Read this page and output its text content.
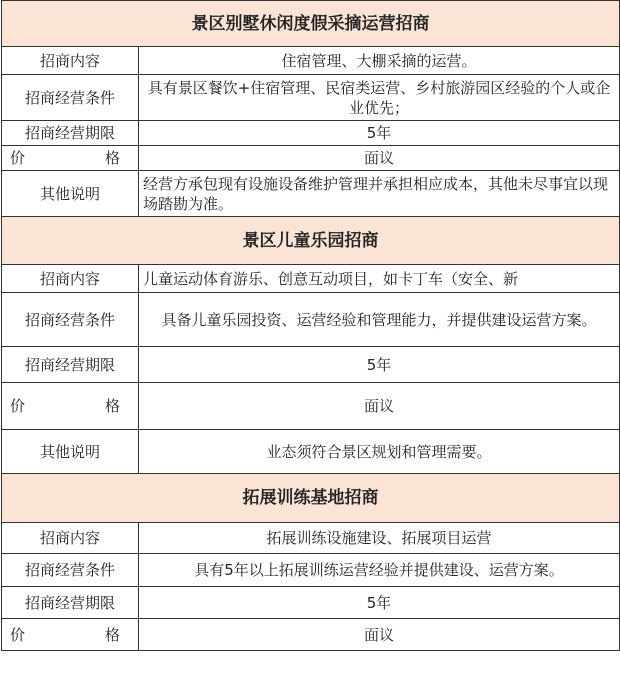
景区别墅休闲度假采摘运营招商	
招商内容	住宿管理、大棚采摘的运营。
招商经营条件	具有景区餐饮+住宿管理、民宿类运营、乡村旅游园区经验的个人或企业优先；
招商经营期限	5年
价格	面议
其他说明	经营方承包现有设施设备维护管理并承担相应成本，其他未尽事宜以现场踏勘为准。
景区儿童乐园招商	
招商内容	儿童运动体育游乐、创意互动项目，如卡丁车（安全、新
招商经营条件	具备儿童乐园投资、运营经验和管理能力，并提供建设运营方案。
招商经营期限	5年
价格	面议
其他说明	业态须符合景区规划和管理需要。
拓展训练基地招商	
招商内容	拓展训练设施建设、拓展项目运营
招商经营条件	具有5年以上拓展训练运营经验并提供建设、运营方案。
招商经营期限	5年
价格	面议
